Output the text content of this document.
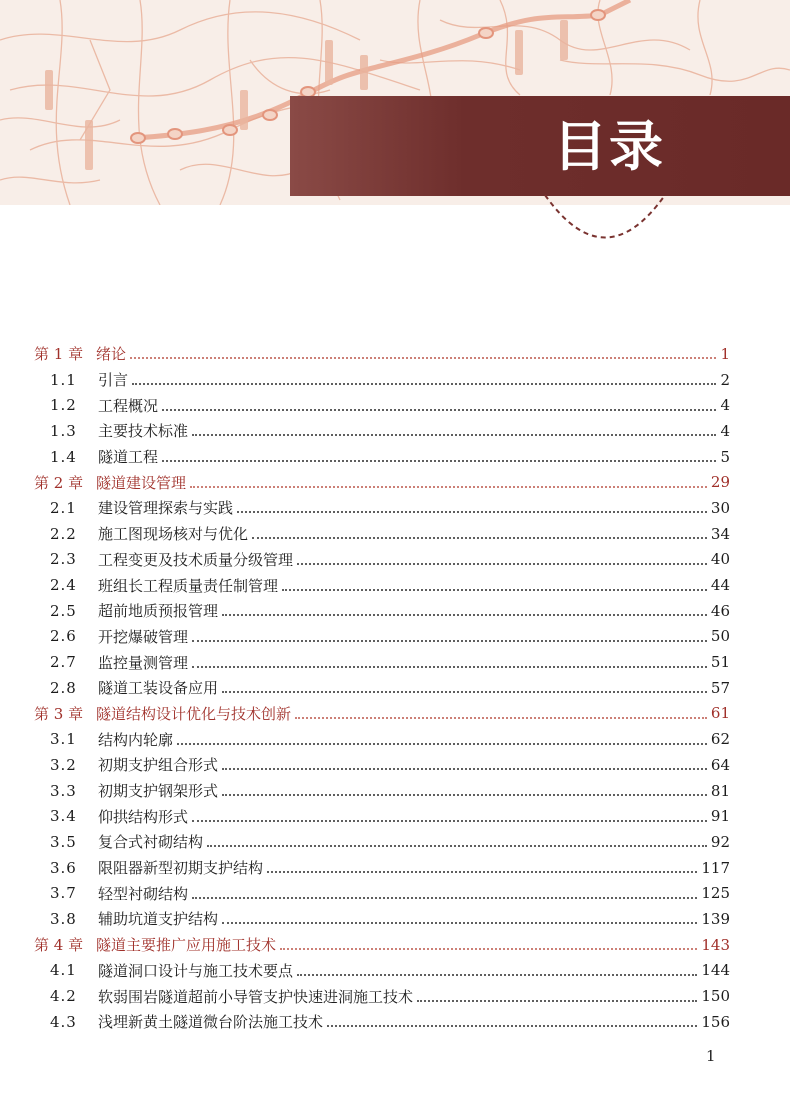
目录
第 1 章 绪论	1
1.1	引言	2
1.2	工程概况	4
1.3	主要技术标准	4
1.4	隧道工程	5
第 2 章 隧道建设管理	29
2.1	建设管理探索与实践	30
2.2	施工图现场核对与优化	34
2.3	工程变更及技术质量分级管理	40
2.4	班组长工程质量责任制管理	44
2.5	超前地质预报管理	46
2.6	开挖爆破管理	50
2.7	监控量测管理	51
2.8	隧道工装设备应用	57
第 3 章 隧道结构设计优化与技术创新	61
3.1	结构内轮廓	62
3.2	初期支护组合形式	64
3.3	初期支护钢架形式	81
3.4	仰拱结构形式	91
3.5	复合式衬砌结构	92
3.6	限阻器新型初期支护结构	117
3.7	轻型衬砌结构	125
3.8	辅助坑道支护结构	139
第 4 章 隧道主要推广应用施工技术	143
4.1	隧道洞口设计与施工技术要点	144
4.2	软弱围岩隧道超前小导管支护快速进洞施工技术	150
4.3	浅埋新黄土隧道微台阶法施工技术	156
1
